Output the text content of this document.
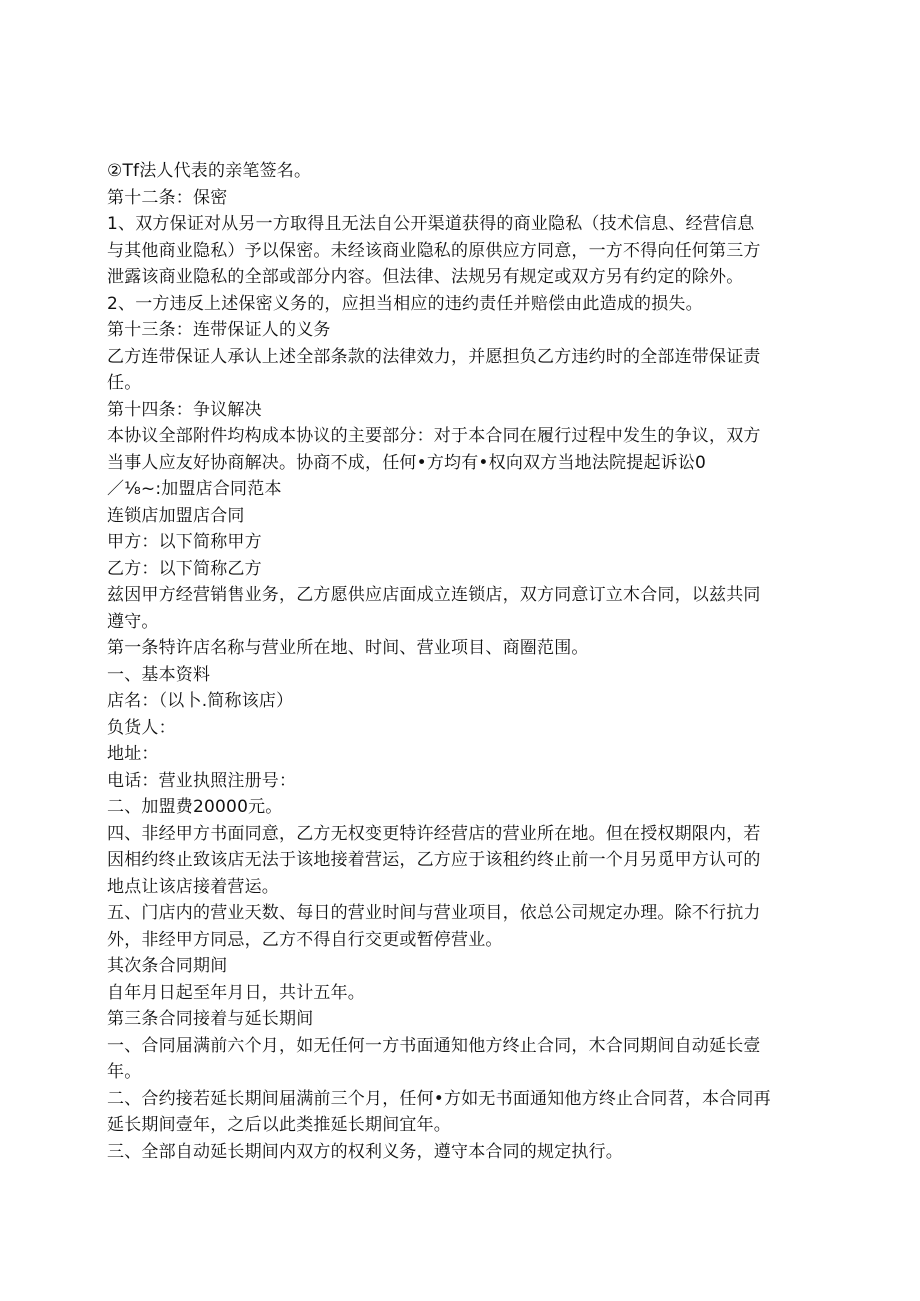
②Tf法人代表的亲笔签名。
第十二条：保密
1、双方保证对从另一方取得且无法自公开渠道获得的商业隐私（技术信息、经营信息
与其他商业隐私）予以保密。未经该商业隐私的原供应方同意，一方不得向任何第三方
泄露该商业隐私的全部或部分内容。但法律、法规另有规定或双方另有约定的除外。
2、一方违反上述保密义务的，应担当相应的违约责任并赔偿由此造成的损失。
第十三条：连带保证人的义务
乙方连带保证人承认上述全部条款的法律效力，并愿担负乙方违约时的全部连带保证责
任。
第十四条：争议解决
本协议全部附件均构成本协议的主要部分：对于本合同在履行过程中发生的争议，双方
当事人应友好协商解决。协商不成，任何•方均有•权向双方当地法院提起诉讼0
／⅛~:加盟店合同范本
连锁店加盟店合同
甲方：以下简称甲方
乙方：以下简称乙方
兹因甲方经营销售业务，乙方愿供应店面成立连锁店，双方同意订立木合同，以兹共同
遵守。
第一条特许店名称与营业所在地、时间、营业项目、商圈范围。
一、基本资料
店名：（以卜.简称该店）
负货人：
地址：
电话：营业执照注册号：
二、加盟费20000元。
四、非经甲方书面同意，乙方无权变更特许经营店的营业所在地。但在授权期限内，若
因相约终止致该店无法于该地接着营运，乙方应于该租约终止前一个月另觅甲方认可的
地点让该店接着营运。
五、门店内的营业天数、每日的营业时间与营业项目，依总公司规定办理。除不行抗力
外，非经甲方同忌，乙方不得自行交更或暂停营业。
其次条合同期间
自年月日起至年月日，共计五年。
第三条合同接着与延长期间
一、合同届满前六个月，如无任何一方书面通知他方终止合同，木合同期间自动延长壹
年。
二、合约接若延长期间届满前三个月，任何•方如无书面通知他方终止合同苕，本合同再
延长期间壹年，之后以此类推延长期间宜年。
三、全部自动延长期间内双方的权利义务，遵守本合同的规定执行。
